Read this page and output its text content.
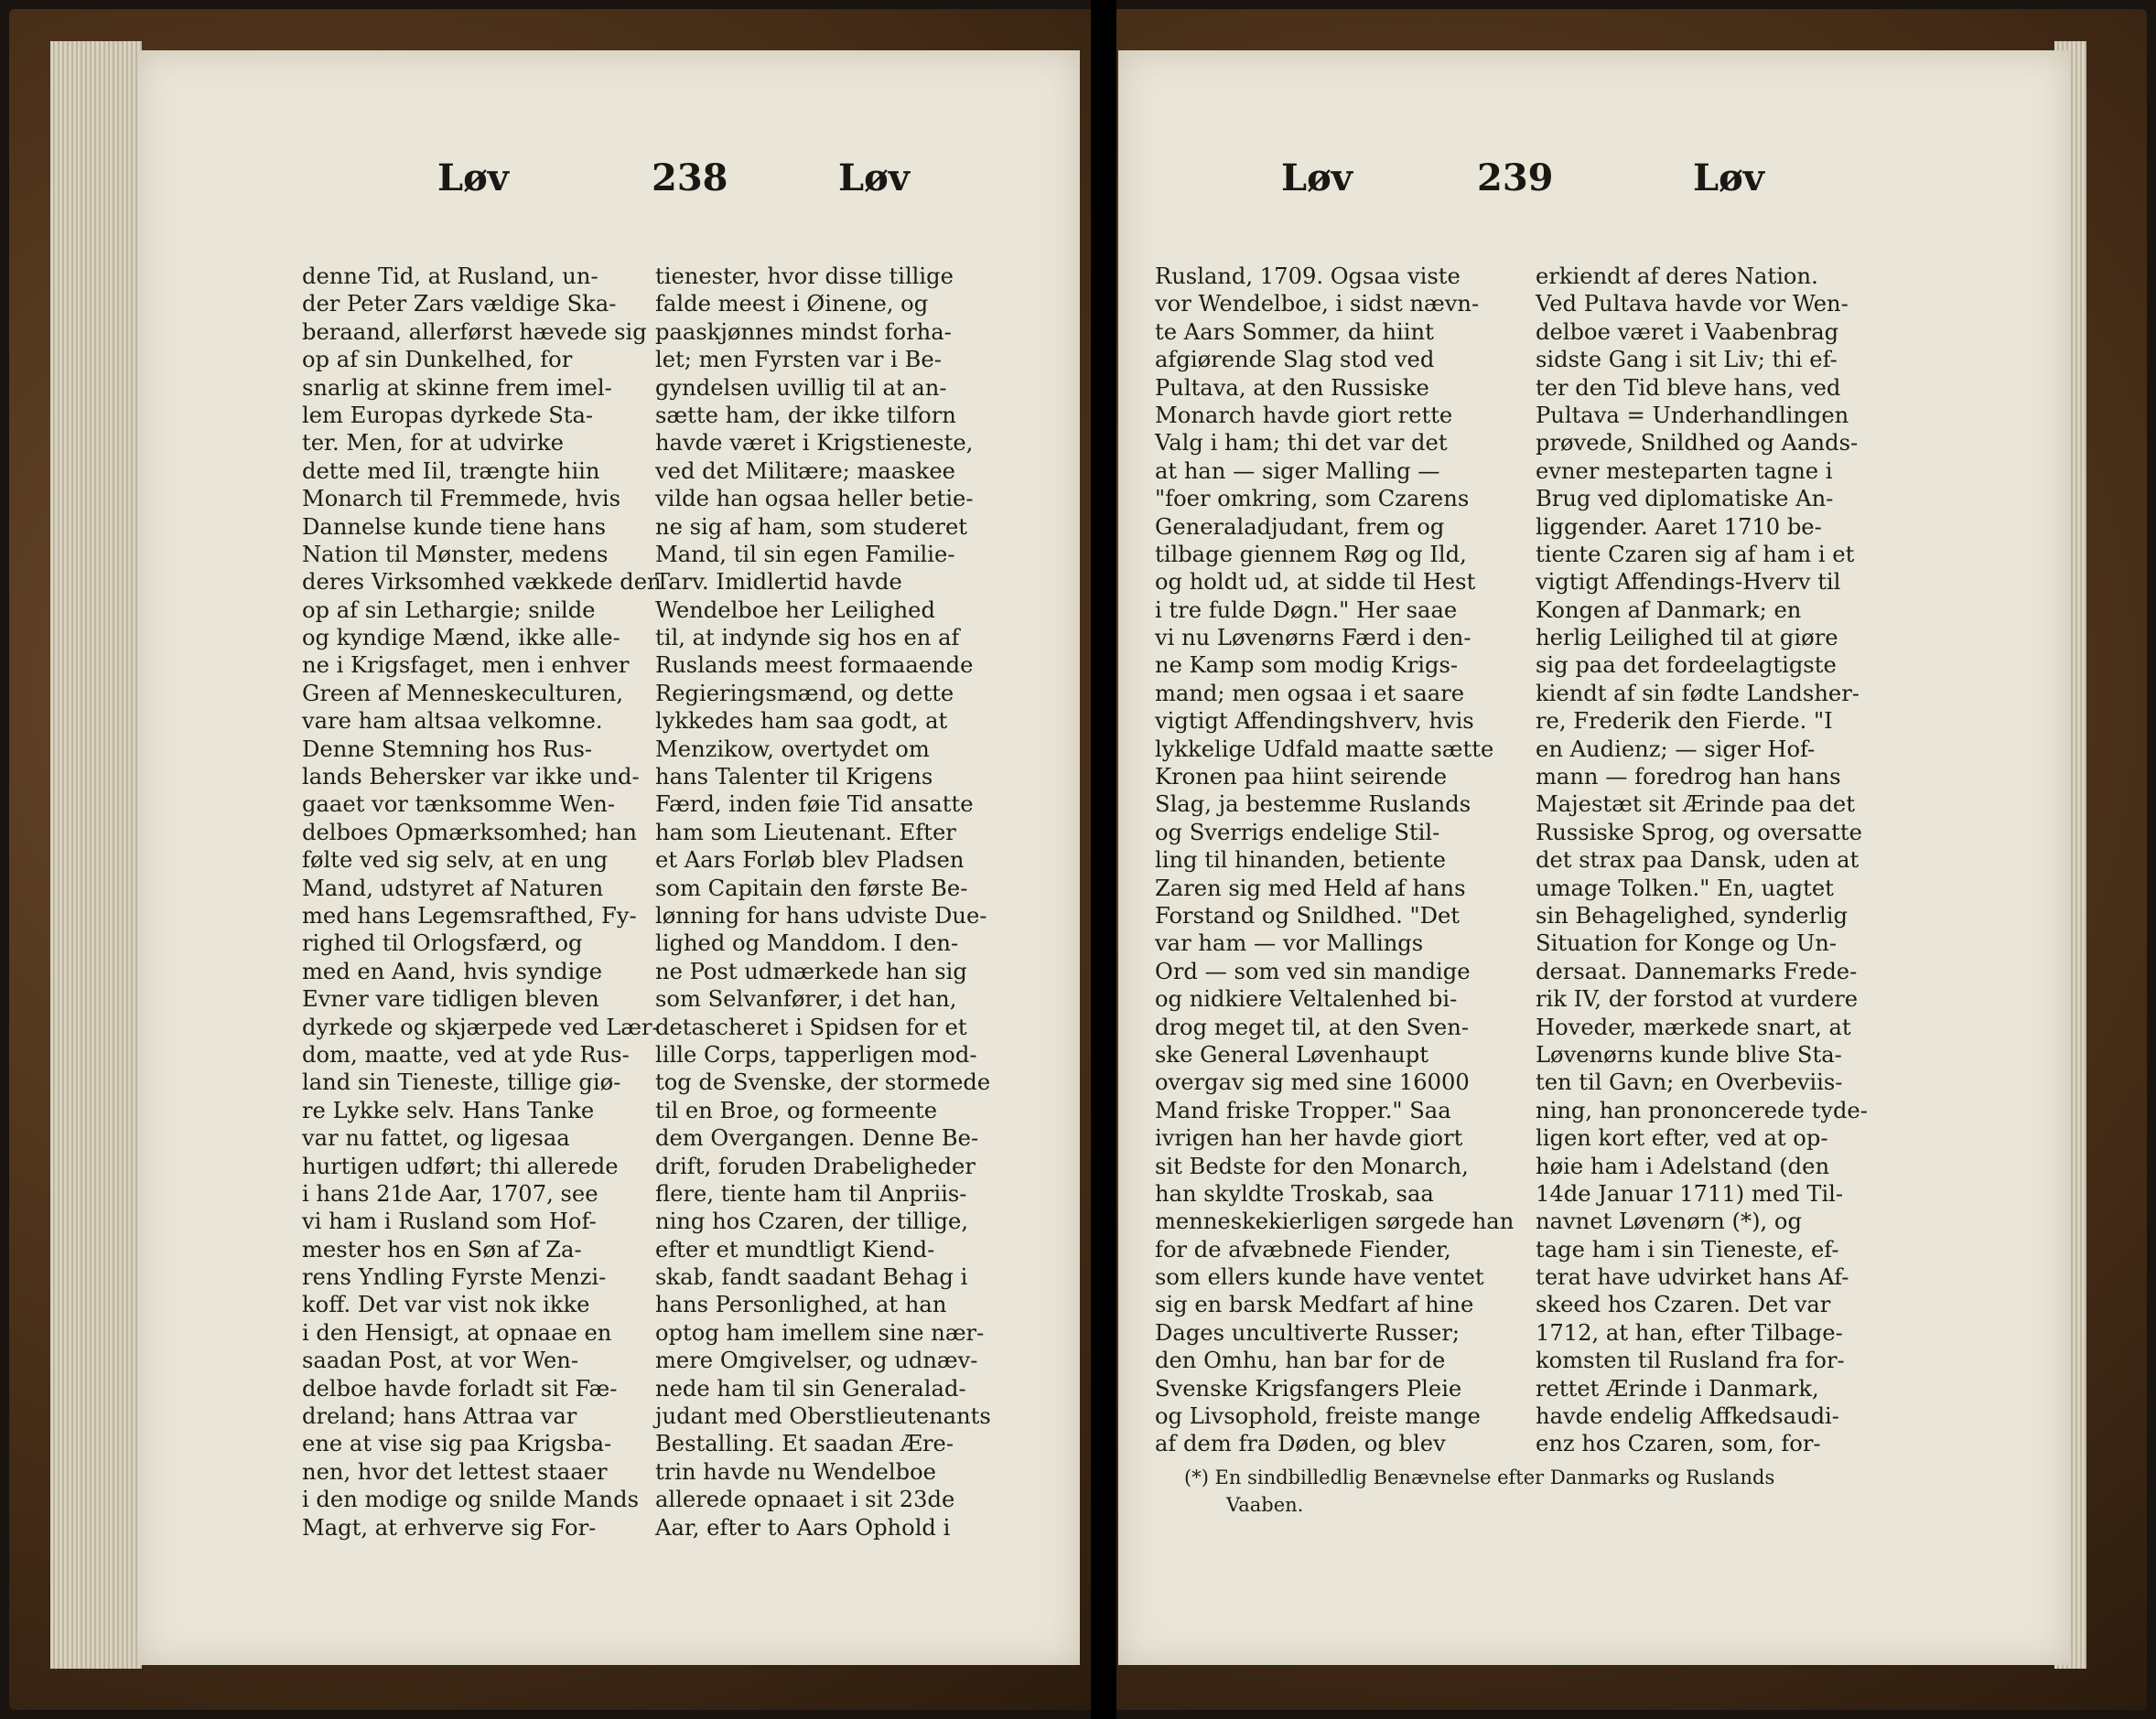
Løv	238	Løv
denne Tid, at Rusland, un-
der Peter Zars vældige Ska-
beraand, allerførst hævede sig
op af sin Dunkelhed, for
snarlig at skinne frem imel-
lem Europas dyrkede Sta-
ter. Men, for at udvirke
dette med Iil, trængte hiin
Monarch til Fremmede, hvis
Dannelse kunde tiene hans
Nation til Mønster, medens
deres Virksomhed vækkede den
op af sin Lethargie; snilde
og kyndige Mænd, ikke alle-
ne i Krigsfaget, men i enhver
Green af Menneskeculturen,
vare ham altsaa velkomne.
Denne Stemning hos Rus-
lands Behersker var ikke und-
gaaet vor tænksomme Wen-
delboes Opmærksomhed; han
følte ved sig selv, at en ung
Mand, udstyret af Naturen
med hans Legemsrafthed, Fy-
righed til Orlogsfærd, og
med en Aand, hvis syndige
Evner vare tidligen bleven
dyrkede og skjærpede ved Lær-
dom, maatte, ved at yde Rus-
land sin Tieneste, tillige giø-
re Lykke selv. Hans Tanke
var nu fattet, og ligesaa
hurtigen udført; thi allerede
i hans 21de Aar, 1707, see
vi ham i Rusland som Hof-
mester hos en Søn af Za-
rens Yndling Fyrste Menzi-
koff. Det var vist nok ikke
i den Hensigt, at opnaae en
saadan Post, at vor Wen-
delboe havde forladt sit Fæ-
dreland; hans Attraa var
ene at vise sig paa Krigsba-
nen, hvor det lettest staaer
i den modige og snilde Mands
Magt, at erhverve sig For-
tienester, hvor disse tillige
falde meest i Øinene, og
paaskjønnes mindst forha-
let; men Fyrsten var i Be-
gyndelsen uvillig til at an-
sætte ham, der ikke tilforn
havde været i Krigstieneste,
ved det Militære; maaskee
vilde han ogsaa heller betie-
ne sig af ham, som studeret
Mand, til sin egen Familie-
Tarv. Imidlertid havde
Wendelboe her Leilighed
til, at indynde sig hos en af
Ruslands meest formaaende
Regieringsmænd, og dette
lykkedes ham saa godt, at
Menzikow, overtydet om
hans Talenter til Krigens
Færd, inden føie Tid ansatte
ham som Lieutenant. Efter
et Aars Forløb blev Pladsen
som Capitain den første Be-
lønning for hans udviste Due-
lighed og Manddom. I den-
ne Post udmærkede han sig
som Selvanfører, i det han,
detascheret i Spidsen for et
lille Corps, tapperligen mod-
tog de Svenske, der stormede
til en Broe, og formeente
dem Overgangen. Denne Be-
drift, foruden Drabeligheder
flere, tiente ham til Anpriis-
ning hos Czaren, der tillige,
efter et mundtligt Kiend-
skab, fandt saadant Behag i
hans Personlighed, at han
optog ham imellem sine nær-
mere Omgivelser, og udnæv-
nede ham til sin Generalad-
judant med Oberstlieutenants
Bestalling. Et saadan Ære-
trin havde nu Wendelboe
allerede opnaaet i sit 23de
Aar, efter to Aars Ophold i
Løv	239	Løv
Rusland, 1709. Ogsaa viste
vor Wendelboe, i sidst nævn-
te Aars Sommer, da hiint
afgiørende Slag stod ved
Pultava, at den Russiske
Monarch havde giort rette
Valg i ham; thi det var det
at han — siger Malling —
"foer omkring, som Czarens
Generaladjudant, frem og
tilbage giennem Røg og Ild,
og holdt ud, at sidde til Hest
i tre fulde Døgn." Her saae
vi nu Løvenørns Færd i den-
ne Kamp som modig Krigs-
mand; men ogsaa i et saare
vigtigt Affendingshverv, hvis
lykkelige Udfald maatte sætte
Kronen paa hiint seirende
Slag, ja bestemme Ruslands
og Sverrigs endelige Stil-
ling til hinanden, betiente
Zaren sig med Held af hans
Forstand og Snildhed. "Det
var ham — vor Mallings
Ord — som ved sin mandige
og nidkiere Veltalenhed bi-
drog meget til, at den Sven-
ske General Løvenhaupt
overgav sig med sine 16000
Mand friske Tropper." Saa
ivrigen han her havde giort
sit Bedste for den Monarch,
han skyldte Troskab, saa
menneskekierligen sørgede han
for de afvæbnede Fiender,
som ellers kunde have ventet
sig en barsk Medfart af hine
Dages uncultiverte Russer;
den Omhu, han bar for de
Svenske Krigsfangers Pleie
og Livsophold, freiste mange
af dem fra Døden, og blev
erkiendt af deres Nation.
Ved Pultava havde vor Wen-
delboe været i Vaabenbrag
sidste Gang i sit Liv; thi ef-
ter den Tid bleve hans, ved
Pultava = Underhandlingen
prøvede, Snildhed og Aands-
evner mesteparten tagne i
Brug ved diplomatiske An-
liggender. Aaret 1710 be-
tiente Czaren sig af ham i et
vigtigt Affendings-Hverv til
Kongen af Danmark; en
herlig Leilighed til at giøre
sig paa det fordeelagtigste
kiendt af sin fødte Landsher-
re, Frederik den Fierde. "I
en Audienz; — siger Hof-
mann — foredrog han hans
Majestæt sit Ærinde paa det
Russiske Sprog, og oversatte
det strax paa Dansk, uden at
umage Tolken." En, uagtet
sin Behagelighed, synderlig
Situation for Konge og Un-
dersaat. Dannemarks Frede-
rik IV, der forstod at vurdere
Hoveder, mærkede snart, at
Løvenørns kunde blive Sta-
ten til Gavn; en Overbeviis-
ning, han prononcerede tyde-
ligen kort efter, ved at op-
høie ham i Adelstand (den
14de Januar 1711) med Til-
navnet Løvenørn (*), og
tage ham i sin Tieneste, ef-
terat have udvirket hans Af-
skeed hos Czaren. Det var
1712, at han, efter Tilbage-
komsten til Rusland fra for-
rettet Ærinde i Danmark,
havde endelig Affkedsaudi-
enz hos Czaren, som, for-
(*) En sindbilledlig Benævnelse efter Danmarks og Ruslands
Vaaben.
